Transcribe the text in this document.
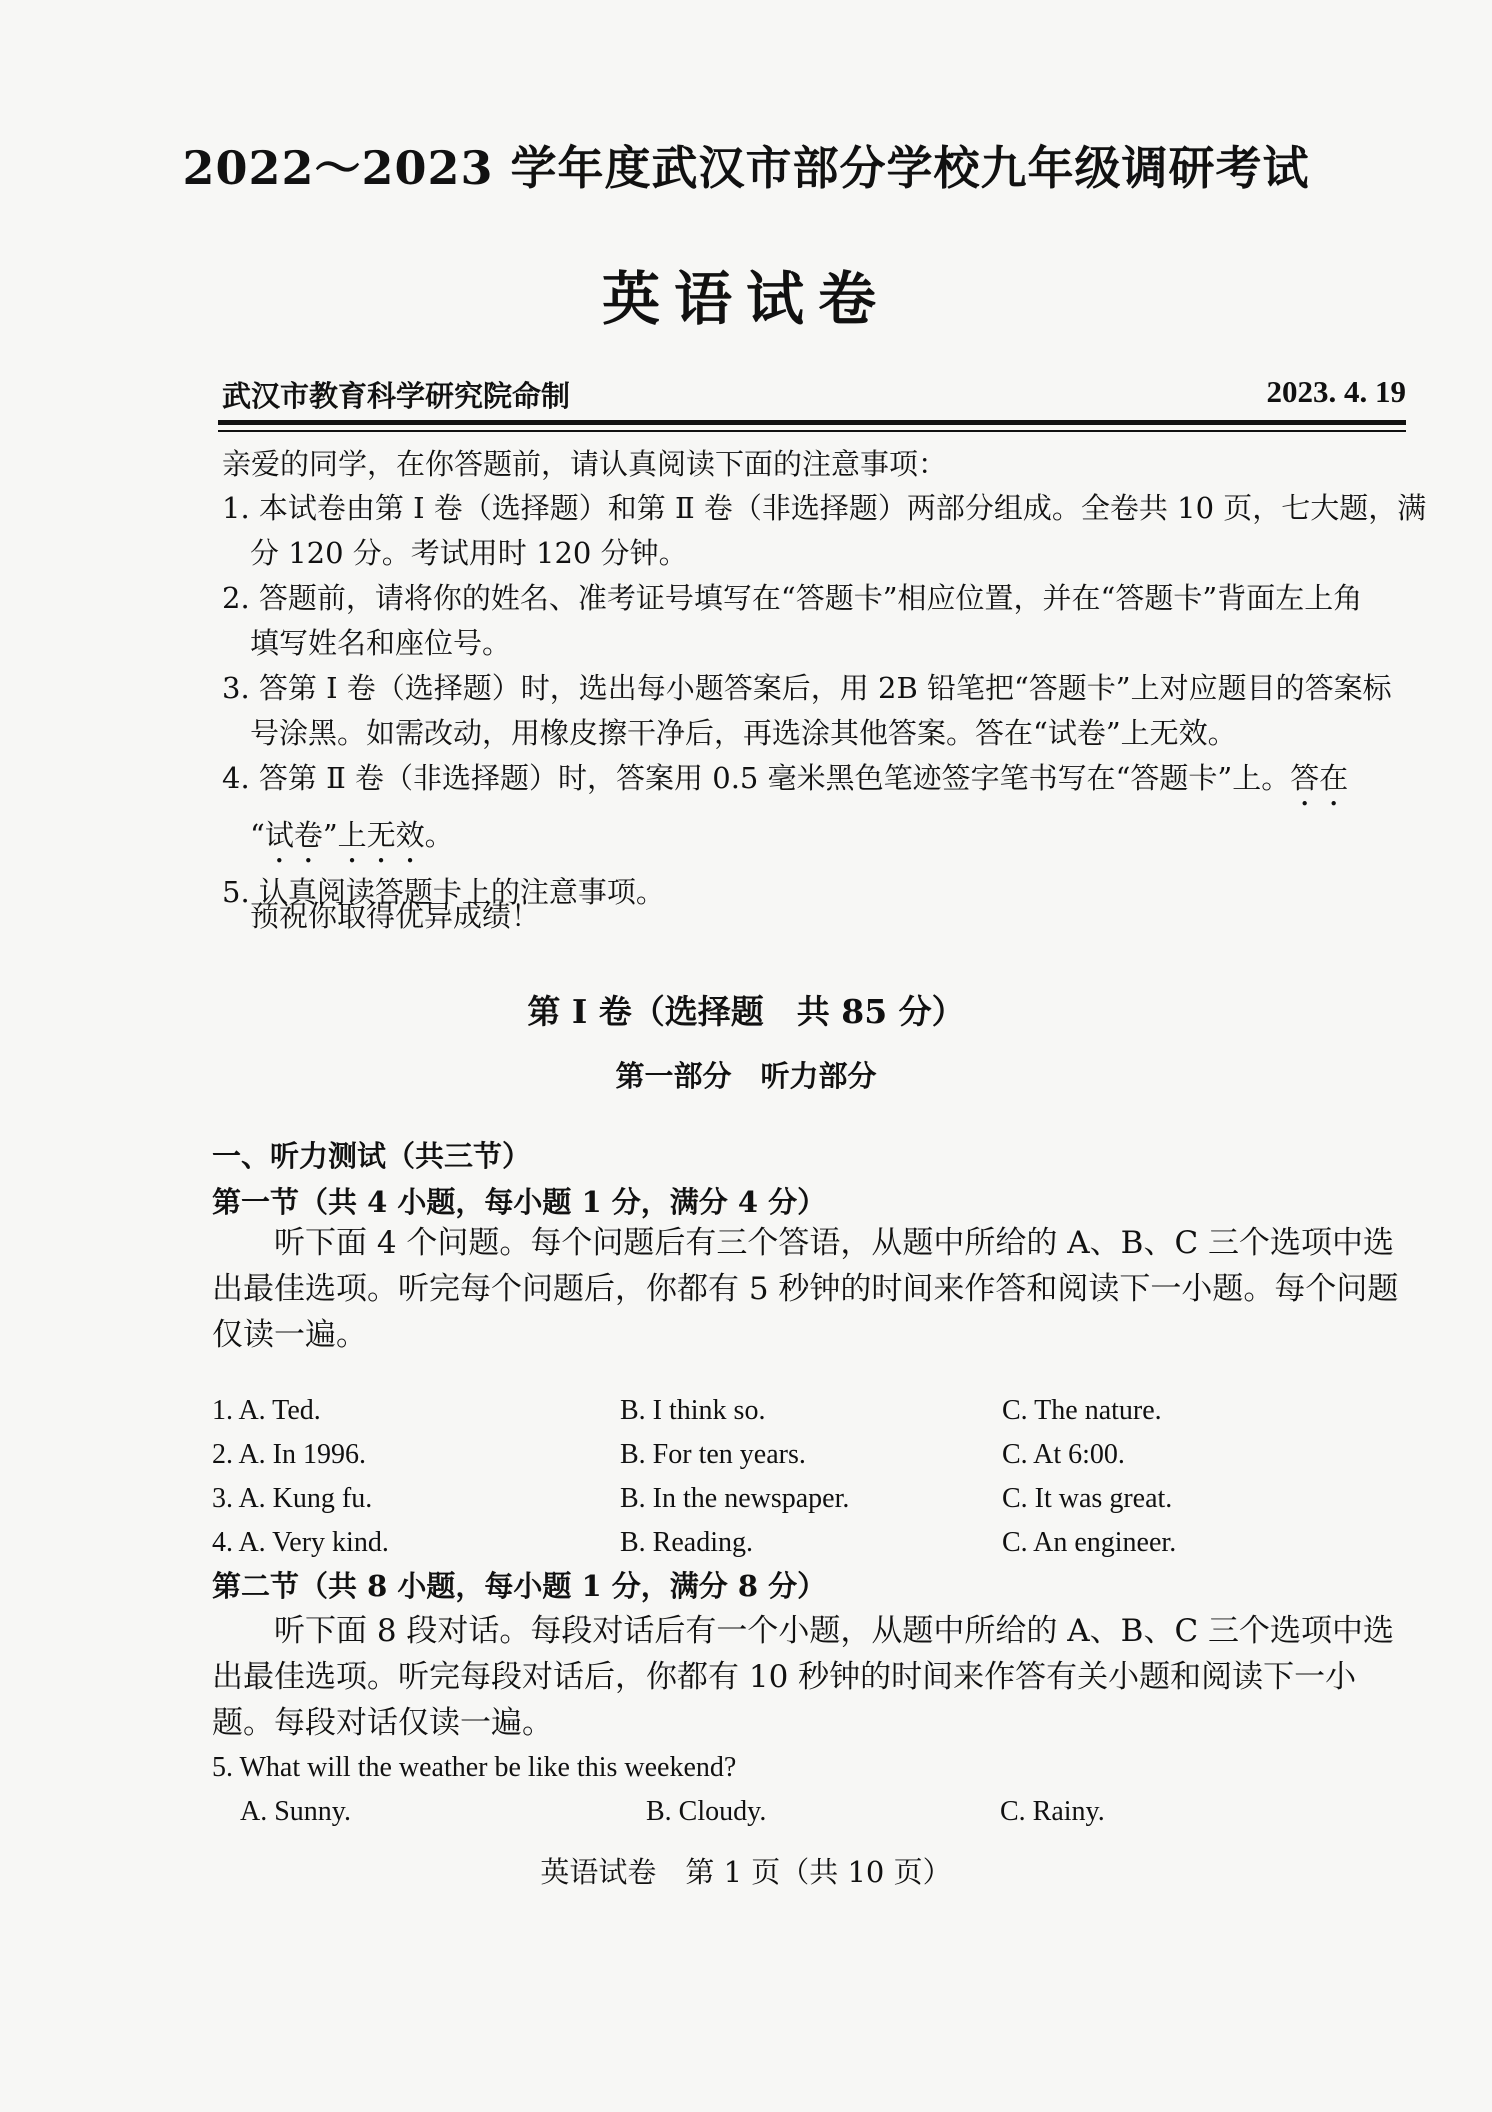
2022～2023 学年度武汉市部分学校九年级调研考试
英语试卷
武汉市教育科学研究院命制	2023. 4. 19
亲爱的同学，在你答题前，请认真阅读下面的注意事项：
1. 本试卷由第 Ⅰ 卷（选择题）和第 Ⅱ 卷（非选择题）两部分组成。全卷共 10 页，七大题，满
分 120 分。考试用时 120 分钟。
2. 答题前，请将你的姓名、准考证号填写在“答题卡”相应位置，并在“答题卡”背面左上角
填写姓名和座位号。
3. 答第 Ⅰ 卷（选择题）时，选出每小题答案后，用 2B 铅笔把“答题卡”上对应题目的答案标
号涂黑。如需改动，用橡皮擦干净后，再选涂其他答案。答在“试卷”上无效。
4. 答第 Ⅱ 卷（非选择题）时，答案用 0.5 毫米黑色笔迹签字笔书写在“答题卡”上。答在
“试卷”上无效。
5. 认真阅读答题卡上的注意事项。
预祝你取得优异成绩！
第 Ⅰ 卷（选择题　共 85 分）
第一部分　听力部分
一、听力测试（共三节）
第一节（共 4 小题，每小题 1 分，满分 4 分）
听下面 4 个问题。每个问题后有三个答语，从题中所给的 A、B、C 三个选项中选出最佳选项。听完每个问题后，你都有 5 秒钟的时间来作答和阅读下一小题。每个问题仅读一遍。
1. A. Ted.	B. I think so.	C. The nature.
2. A. In 1996.	B. For ten years.	C. At 6:00.
3. A. Kung fu.	B. In the newspaper.	C. It was great.
4. A. Very kind.	B. Reading.	C. An engineer.
第二节（共 8 小题，每小题 1 分，满分 8 分）
听下面 8 段对话。每段对话后有一个小题，从题中所给的 A、B、C 三个选项中选出最佳选项。听完每段对话后，你都有 10 秒钟的时间来作答有关小题和阅读下一小题。每段对话仅读一遍。
5. What will the weather be like this weekend?
A. Sunny.	B. Cloudy.	C. Rainy.
英语试卷　第 1 页（共 10 页）
